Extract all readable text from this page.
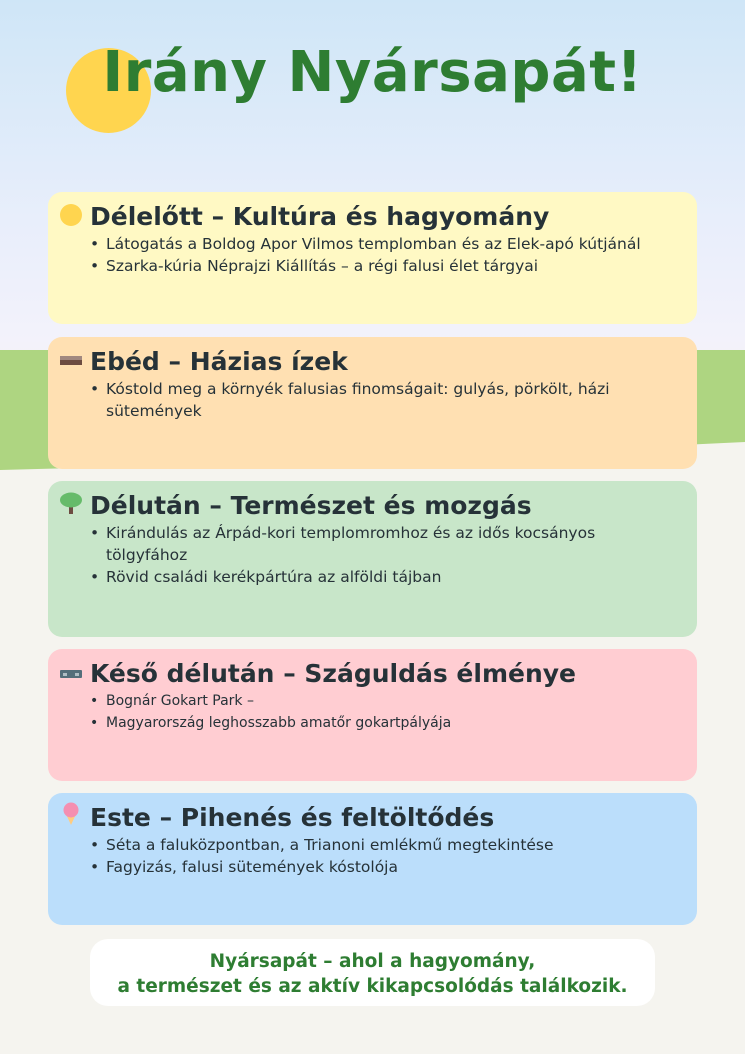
Irány Nyársapát!
Délelőtt – Kultúra és hagyomány
• Látogatás a Boldog Apor Vilmos templomban és az Elek-apó kútjánál
• Szarka-kúria Néprajzi Kiállítás – a régi falusi élet tárgyai
Ebéd – Házias ízek
• Kóstold meg a környék falusias finomságait: gulyás, pörkölt, házi sütemények
Délután – Természet és mozgás
• Kirándulás az Árpád-kori templomromhoz és az idős kocsányos tölgyfához
• Rövid családi kerékpártúra az alföldi tájban
Késő délután – Száguldás élménye
• Bognár Gokart Park –
• Magyarország leghosszabb amatőr gokartpályája
Este – Pihenés és feltöltődés
• Séta a faluközpontban, a Trianoni emlékmű megtekintése
• Fagyizás, falusi sütemények kóstolója
Nyársapát – ahol a hagyomány,
a természet és az aktív kikapcsolódás találkozik.
